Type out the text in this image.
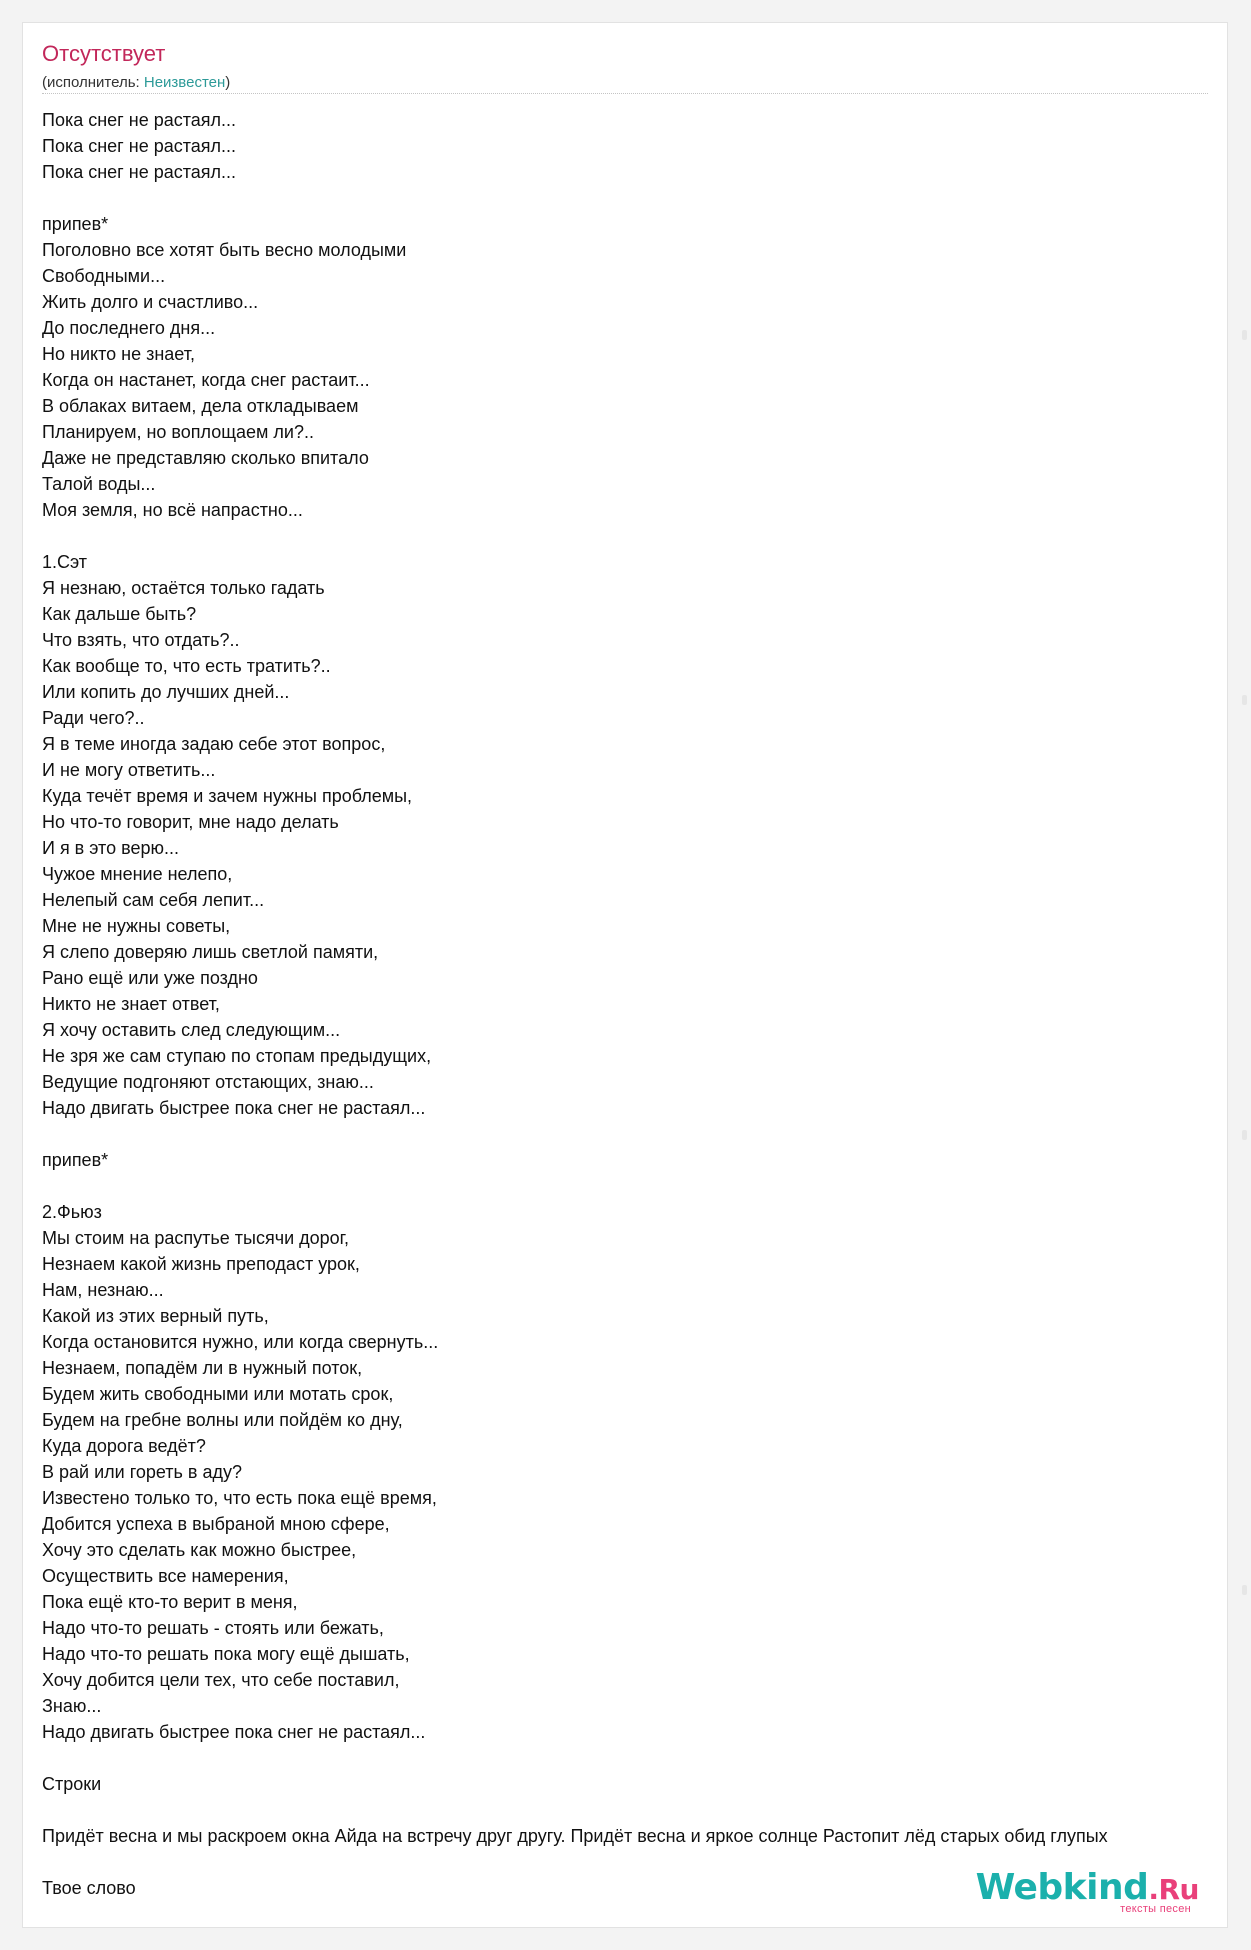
Отсутствует
(исполнитель: Неизвестен)
Пока снег не растаял...
Пока снег не растаял...
Пока снег не растаял...
припев*
Поголовно все хотят быть весно молодыми
Свободными...
Жить долго и счастливо...
До последнего дня...
Но никто не знает,
Когда он настанет, когда снег растаит...
В облаках витаем, дела откладываем
Планируем, но воплощаем ли?..
Даже не представляю сколько впитало
Талой воды...
Моя земля, но всё напрастно...
1.Сэт
Я незнаю, остаётся только гадать
Как дальше быть?
Что взять, что отдать?..
Как вообще то, что есть тратить?..
Или копить до лучших дней...
Ради чего?..
Я в теме иногда задаю себе этот вопрос,
И не могу ответить...
Куда течёт время и зачем нужны проблемы,
Но что-то говорит, мне надо делать
И я в это верю...
Чужое мнение нелепо,
Нелепый сам себя лепит...
Мне не нужны советы,
Я слепо доверяю лишь светлой памяти,
Рано ещё или уже поздно
Никто не знает ответ,
Я хочу оставить след следующим...
Не зря же сам ступаю по стопам предыдущих,
Ведущие подгоняют отстающих, знаю...
Надо двигать быстрее пока снег не растаял...
припев*
2.Фьюз
Мы стоим на распутье тысячи дорог,
Незнаем какой жизнь преподаст урок,
Нам, незнаю...
Какой из этих верный путь,
Когда остановится нужно, или когда свернуть...
Незнаем, попадём ли в нужный поток,
Будем жить свободными или мотать срок,
Будем на гребне волны или пойдём ко дну,
Куда дорога ведёт?
В рай или гореть в аду?
Известено только то, что есть пока ещё время,
Добится успеха в выбраной мною сфере,
Хочу это сделать как можно быстрее,
Осуществить все намерения,
Пока ещё кто-то верит в меня,
Надо что-то решать - стоять или бежать,
Надо что-то решать пока могу ещё дышать,
Хочу добится цели тех, что себе поставил,
Знаю...
Надо двигать быстрее пока снег не растаял...
Строки
Придёт весна и мы раскроем окна Айда на встречу друг другу. Придёт весна и яркое солнце Растопит лёд старых обид глупых
Твое слово	Webkind.Ru
тексты песен
